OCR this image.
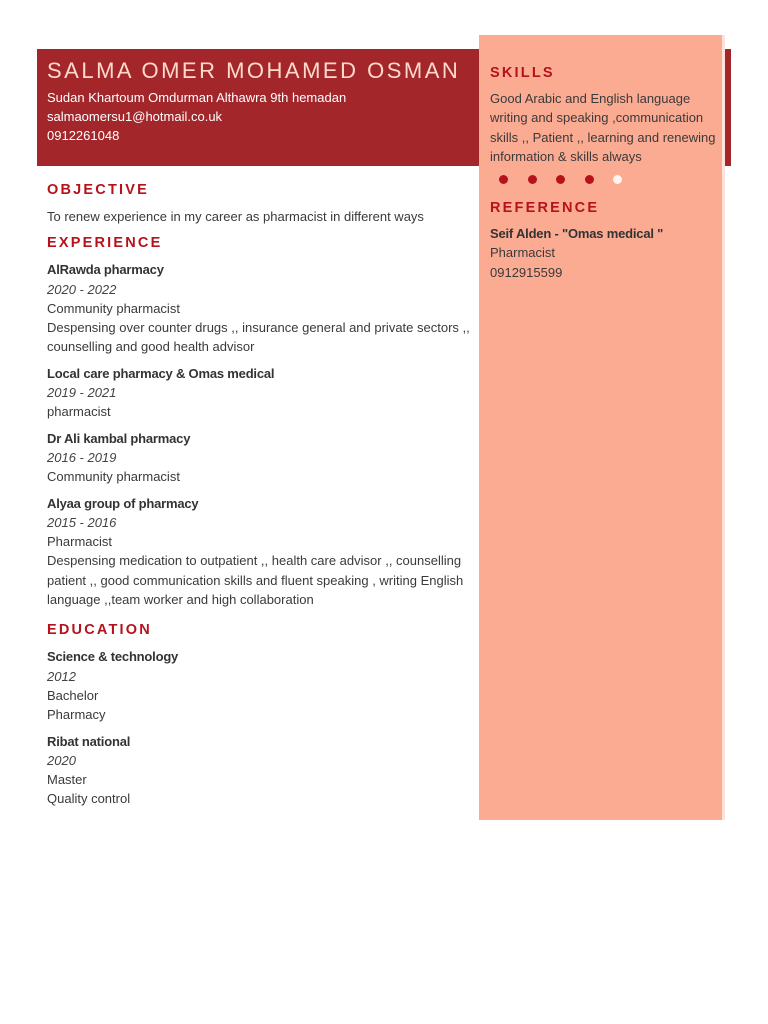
SALMA OMER MOHAMED OSMAN
Sudan Khartoum Omdurman Althawra 9th hemadan
salmaomersu1@hotmail.co.uk
0912261048
SKILLS
Good Arabic and English language writing and speaking ,communication skills ,, Patient ,, learning and renewing information & skills always
REFERENCE
Seif Alden - "Omas medical "
Pharmacist
0912915599
OBJECTIVE
To renew experience in my career as pharmacist in different ways
EXPERIENCE
AlRawda pharmacy
2020 - 2022
Community pharmacist
Despensing over counter drugs ,, insurance general and private sectors ,, counselling and good health advisor
Local care pharmacy & Omas medical
2019 - 2021
pharmacist
Dr Ali kambal pharmacy
2016 - 2019
Community pharmacist
Alyaa group of pharmacy
2015 - 2016
Pharmacist
Despensing medication to outpatient ,, health care advisor ,, counselling patient ,, good communication skills and fluent speaking , writing English language ,,team worker and high collaboration
EDUCATION
Science & technology
2012
Bachelor
Pharmacy
Ribat national
2020
Master
Quality control
